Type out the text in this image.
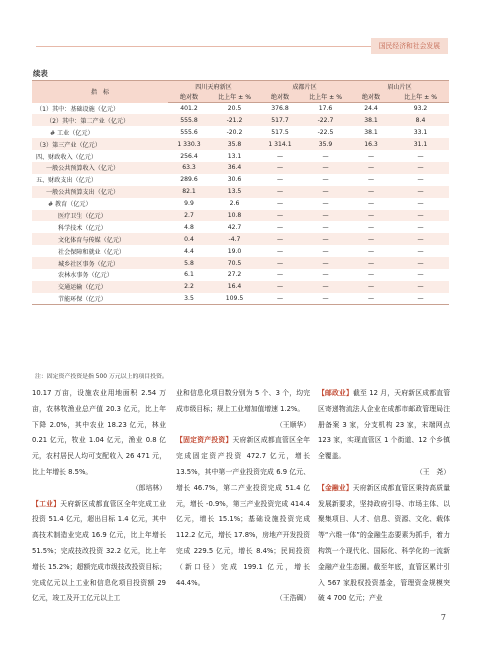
国民经济和社会发展
续表
指　标	四川天府新区		成都片区		眉山片区	
	绝对数	比上年 ± %	绝对数	比上年 ± %	绝对数	比上年 ± %
（1）其中：基础设施（亿元）	401.2	20.5	376.8	17.6	24.4	93.2
（2）其中：第二产业（亿元）	555.8	-21.2	517.7	-22.7	38.1	8.4
# 工业（亿元）	555.6	-20.2	517.5	-22.5	38.1	33.1
（3）第三产业（亿元）	1 330.3	35.8	1 314.1	35.9	16.3	31.1
四、财政收入（亿元）	256.4	13.1	—	—	—	—
一般公共预算收入（亿元）	63.3	36.4	—	—	—	—
五、财政支出（亿元）	289.6	30.6	—	—	—	—
一般公共预算支出（亿元）	82.1	13.5	—	—	—	—
# 教育（亿元）	9.9	2.6	—	—	—	—
医疗卫生（亿元）	2.7	10.8	—	—	—	—
科学技术（亿元）	4.8	42.7	—	—	—	—
文化体育与传媒（亿元）	0.4	-4.7	—	—	—	—
社会保障和就业（亿元）	4.4	19.0	—	—	—	—
城乡社区事务（亿元）	5.8	70.5	—	—	—	—
农林水事务（亿元）	6.1	27.2	—	—	—	—
交通运输（亿元）	2.2	16.4	—	—	—	—
节能环保（亿元）	3.5	109.5	—	—	—	—
注：固定资产投资是指 500 万元以上的项目投资。
10.17 万亩，设施农业用地面积 2.54 万亩，农林牧渔业总产值 20.3 亿元，比上年下降 2.0%，其中农业 18.23 亿元，林业 0.21 亿元，牧业 1.04 亿元，渔业 0.8 亿元，农村居民人均可支配收入 26 471 元，比上年增长 8.5%。
（郎培林）
【工业】天府新区成都直管区全年完成工业投资 51.4 亿元，超出目标 1.4 亿元，其中高技术制造业完成 16.9 亿元，比上年增长 51.5%；完成技改投资 32.2 亿元，比上年增长 15.2%；超额完成市级技改投资目标；完成亿元以上工业和信息化项目投资额 29 亿元，竣工及开工亿元以上工
业和信息化项目数分别为 5 个、3 个，均完成市级目标；规上工业增加值增速 1.2%。
（王顺华）
【固定资产投资】天府新区成都直管区全年完成固定资产投资 472.7 亿元，增长 13.5%，其中第一产业投资完成 6.9 亿元、增长 46.7%，第二产业投资完成 51.4 亿元，增长 -0.9%，第三产业投资完成 414.4 亿元，增长 15.1%；基础设施投资完成 112.2 亿元，增长 17.8%，房地产开发投资完成 229.5 亿元，增长 8.4%；民间投资（新口径）完成 199.1 亿元，增长 44.4%。
（王浩碉）
【邮政业】截至 12 月，天府新区成都直管区寄递物流法人企业在成都市邮政管理局注册备案 3 家，分支机构 23 家，末端网点 123 家，实现直管区 1 个街道、12 个乡镇全覆盖。
（王　尧）
【金融业】天府新区成都直管区秉持高质量发展新要求，坚持政府引导、市场主体、以聚集项目、人才、信息、资源、文化、载体等“六维一体”的金融生态要素为抓手，着力构筑一个现代化、国际化、科学化的一流新金融产业生态圈。截至年底，直管区累计引入 567 家股权投资基金，管理资金规模突破 4 700 亿元；产业
7
